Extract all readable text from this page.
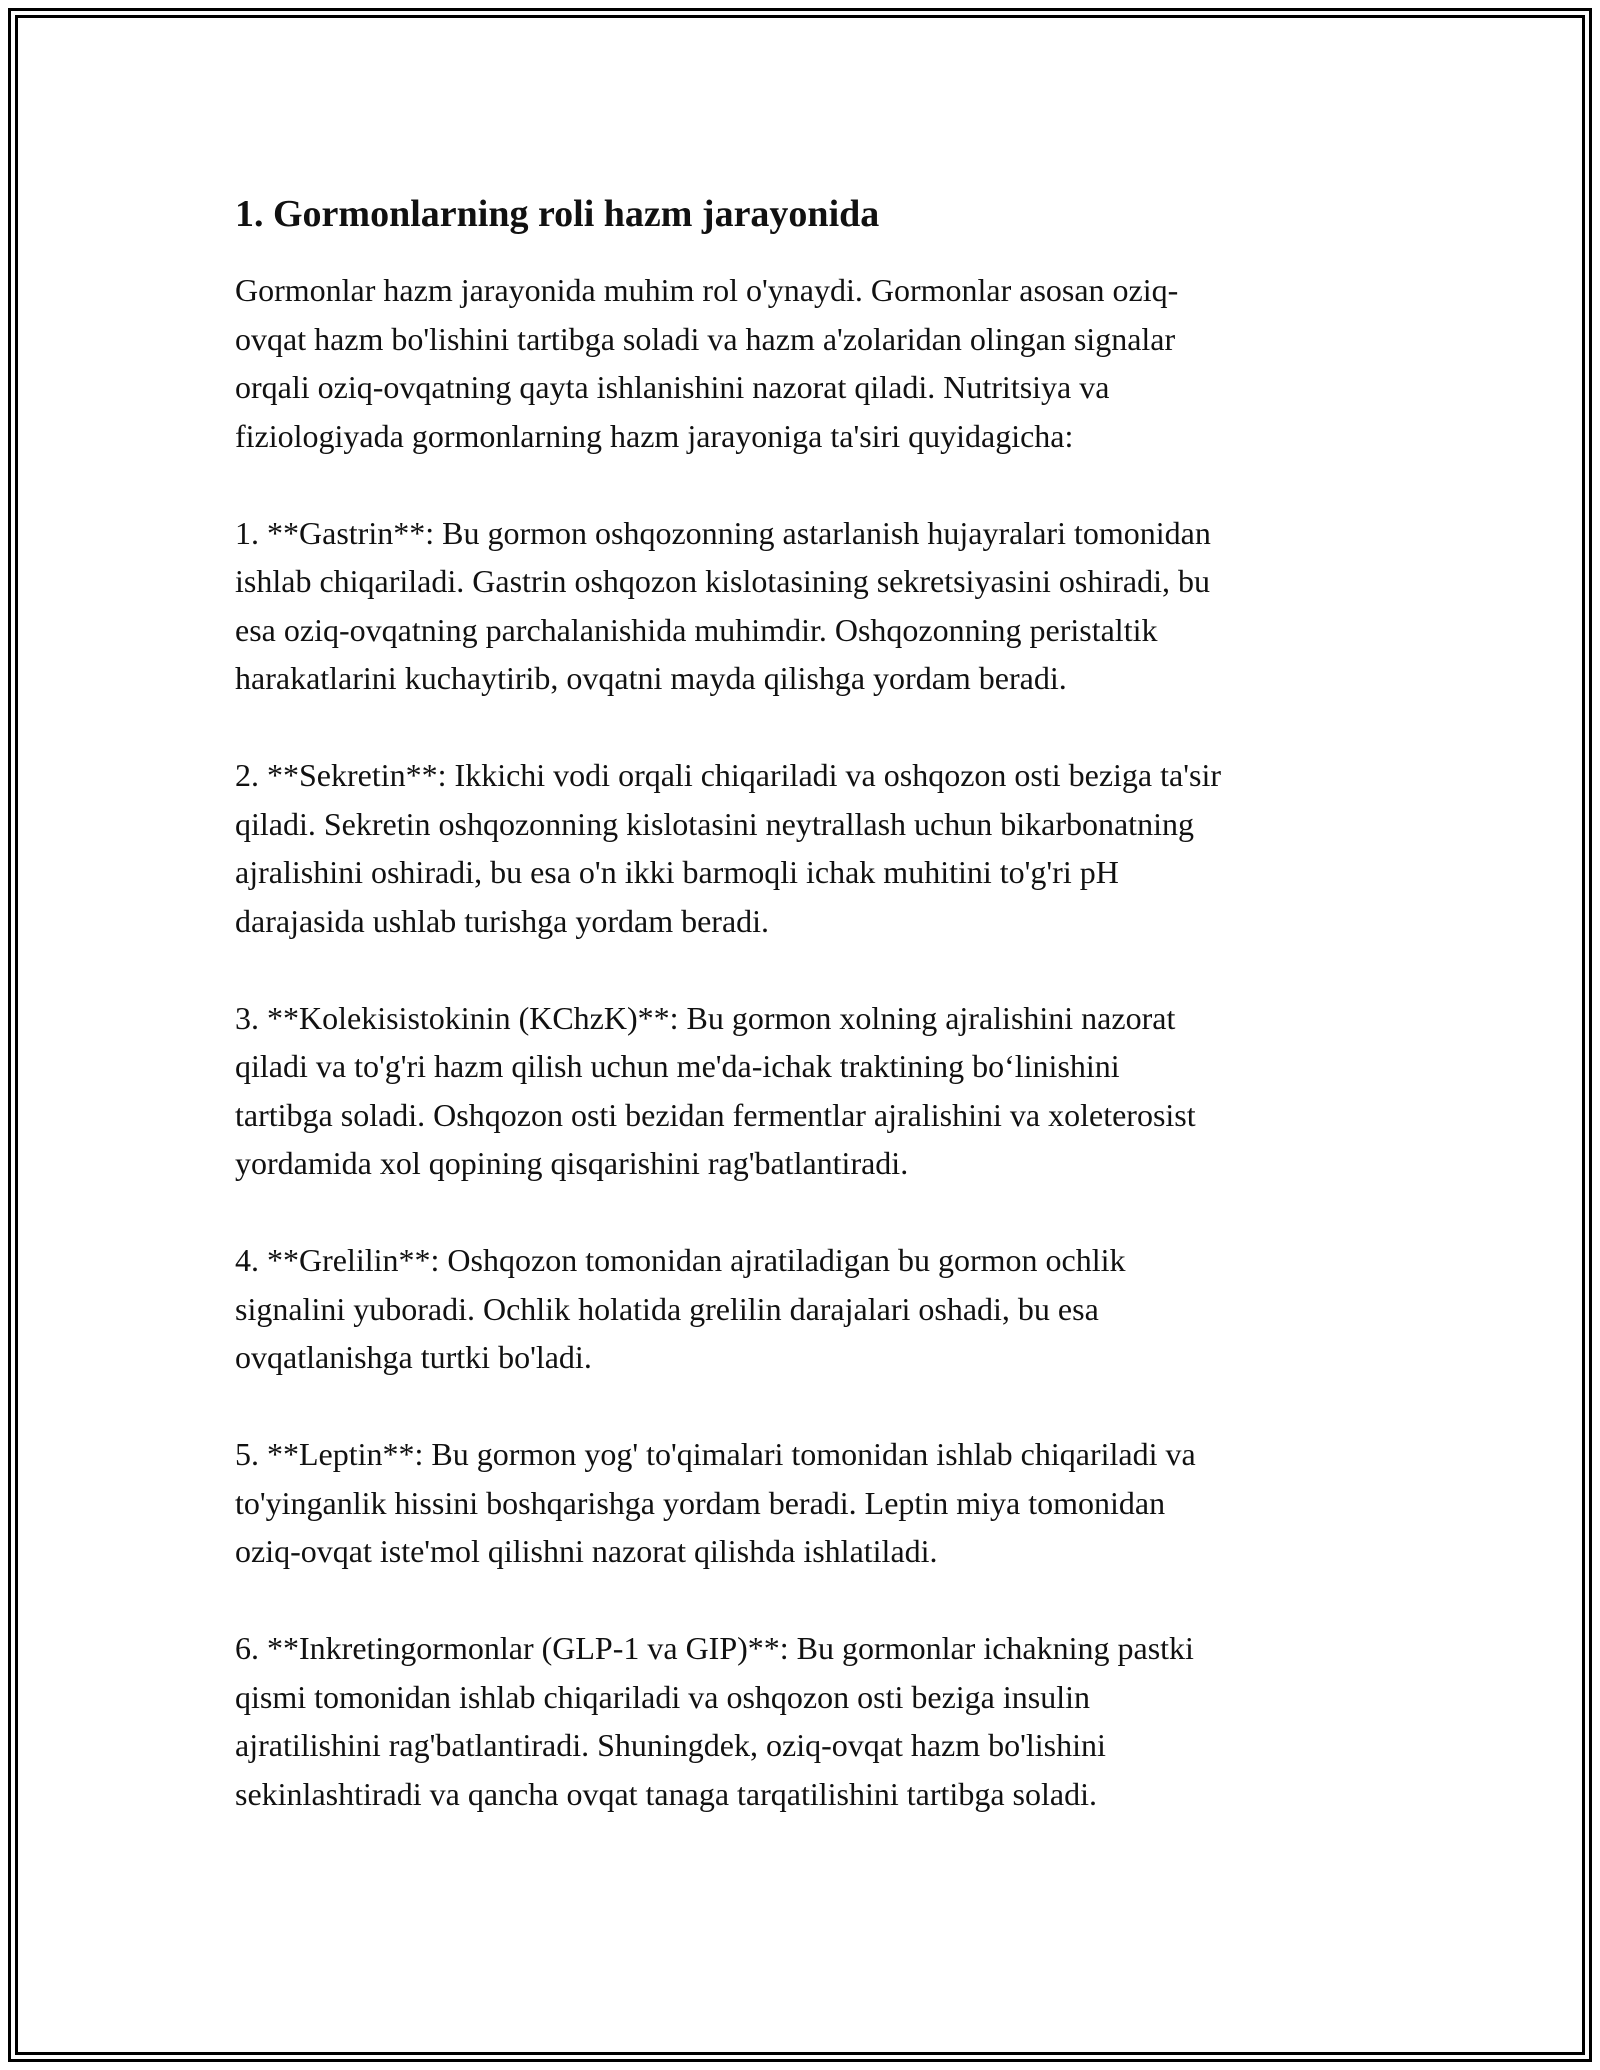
1. Gormonlarning roli hazm jarayonida

Gormonlar hazm jarayonida muhim rol o'ynaydi. Gormonlar asosan oziq-
ovqat hazm bo'lishini tartibga soladi va hazm a'zolaridan olingan signalar
orqali oziq-ovqatning qayta ishlanishini nazorat qiladi. Nutritsiya va
fiziologiyada gormonlarning hazm jarayoniga ta'siri quyidagicha:

1. **Gastrin**: Bu gormon oshqozonning astarlanish hujayralari tomonidan
ishlab chiqariladi. Gastrin oshqozon kislotasining sekretsiyasini oshiradi, bu
esa oziq-ovqatning parchalanishida muhimdir. Oshqozonning peristaltik
harakatlarini kuchaytirib, ovqatni mayda qilishga yordam beradi.

2. **Sekretin**: Ikkichi vodi orqali chiqariladi va oshqozon osti beziga ta'sir
qiladi. Sekretin oshqozonning kislotasini neytrallash uchun bikarbonatning
ajralishini oshiradi, bu esa o'n ikki barmoqli ichak muhitini to'g'ri pH
darajasida ushlab turishga yordam beradi.

3. **Kolekisistokinin (KChzK)**: Bu gormon xolning ajralishini nazorat
qiladi va to'g'ri hazm qilish uchun me'da-ichak traktining bo‘linishini
tartibga soladi. Oshqozon osti bezidan fermentlar ajralishini va xoleterosist
yordamida xol qopining qisqarishini rag'batlantiradi.

4. **Grelilin**: Oshqozon tomonidan ajratiladigan bu gormon ochlik
signalini yuboradi. Ochlik holatida grelilin darajalari oshadi, bu esa
ovqatlanishga turtki bo'ladi.

5. **Leptin**: Bu gormon yog' to'qimalari tomonidan ishlab chiqariladi va
to'yinganlik hissini boshqarishga yordam beradi. Leptin miya tomonidan
oziq-ovqat iste'mol qilishni nazorat qilishda ishlatiladi.

6. **Inkretingormonlar (GLP-1 va GIP)**: Bu gormonlar ichakning pastki
qismi tomonidan ishlab chiqariladi va oshqozon osti beziga insulin
ajratilishini rag'batlantiradi. Shuningdek, oziq-ovqat hazm bo'lishini
sekinlashtiradi va qancha ovqat tanaga tarqatilishini tartibga soladi.
